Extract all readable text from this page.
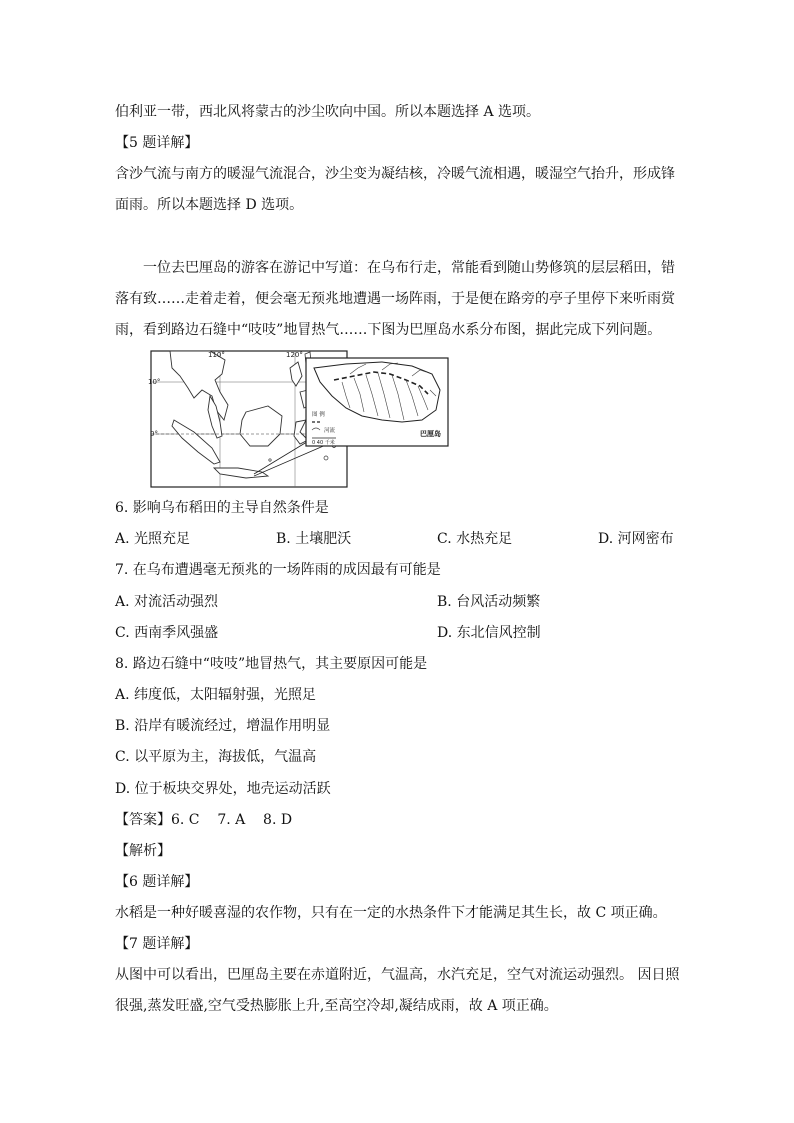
伯利亚一带，西北风将蒙古的沙尘吹向中国。所以本题选择 A 选项。
【5 题详解】
含沙气流与南方的暖湿气流混合，沙尘变为凝结核，冷暖气流相遇，暖湿空气抬升，形成锋
面雨。所以本题选择 D 选项。
一位去巴厘岛的游客在游记中写道：在乌布行走，常能看到随山势修筑的层层稻田，错
落有致……走着走着，便会毫无预兆地遭遇一场阵雨，于是便在路旁的亭子里停下来听雨赏
雨，看到路边石缝中“吱吱”地冒热气……下图为巴厘岛水系分布图，据此完成下列问题。
110°	120°
10°
0°
图 例
河流
0 40 千米
巴厘岛
6. 影响乌布稻田的主导自然条件是
A. 光照充足	B. 土壤肥沃	C. 水热充足	D. 河网密布
7. 在乌布遭遇毫无预兆的一场阵雨的成因最有可能是
A. 对流活动强烈	B. 台风活动频繁
C. 西南季风强盛	D. 东北信风控制
8. 路边石缝中“吱吱”地冒热气，其主要原因可能是
A. 纬度低，太阳辐射强，光照足
B. 沿岸有暖流经过，增温作用明显
C. 以平原为主，海拔低，气温高
D. 位于板块交界处，地壳运动活跃
【答案】6. C    7. A    8. D
【解析】
【6 题详解】
水稻是一种好暖喜湿的农作物，只有在一定的水热条件下才能满足其生长，故 C 项正确。
【7 题详解】
从图中可以看出，巴厘岛主要在赤道附近，气温高，水汽充足，空气对流运动强烈。 因日照
很强,蒸发旺盛,空气受热膨胀上升,至高空冷却,凝结成雨，故 A 项正确。
